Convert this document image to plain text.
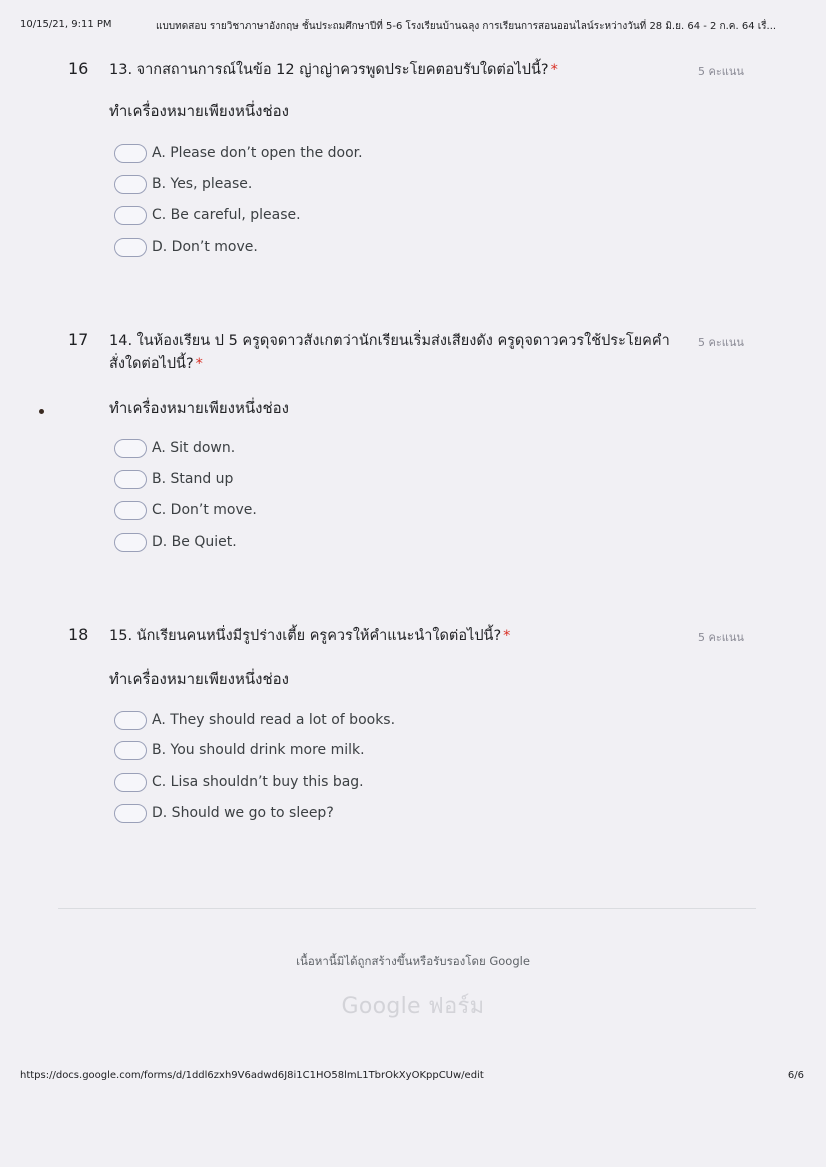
10/15/21, 9:11 PM	แบบทดสอบ รายวิชาภาษาอังกฤษ ชั้นประถมศึกษาปีที่ 5-6 โรงเรียนบ้านฉลุง การเรียนการสอนออนไลน์ระหว่างวันที่ 28 มิ.ย. 64 - 2 ก.ค. 64 เรื่...
16 13. จากสถานการณ์ในข้อ 12 ญ่าญ่าควรพูดประโยคตอบรับใดต่อไปนี้? *	5 คะแนน
ทำเครื่องหมายเพียงหนึ่งช่อง
A. Please don’t open the door.
B. Yes, please.
C. Be careful, please.
D. Don’t move.
17 14. ในห้องเรียน ป 5 ครูดุจดาวสังเกตว่านักเรียนเริ่มส่งเสียงดัง ครูดุจดาวควรใช้ประโยคคำสั่งใดต่อไปนี้? *
5 คะแนน
ทำเครื่องหมายเพียงหนึ่งช่อง
A. Sit down.
B. Stand up
C. Don’t move.
D. Be Quiet.
18 15. นักเรียนคนหนึ่งมีรูปร่างเตี้ย ครูควรให้คำแนะนำใดต่อไปนี้? *	5 คะแนน
ทำเครื่องหมายเพียงหนึ่งช่อง
A. They should read a lot of books.
B. You should drink more milk.
C. Lisa shouldn’t buy this bag.
D. Should we go to sleep?
เนื้อหานี้มิได้ถูกสร้างขึ้นหรือรับรองโดย Google
Google ฟอร์ม
https://docs.google.com/forms/d/1ddl6zxh9V6adwd6J8i1C1HO58lmL1TbrOkXyOKppCUw/edit	6/6
